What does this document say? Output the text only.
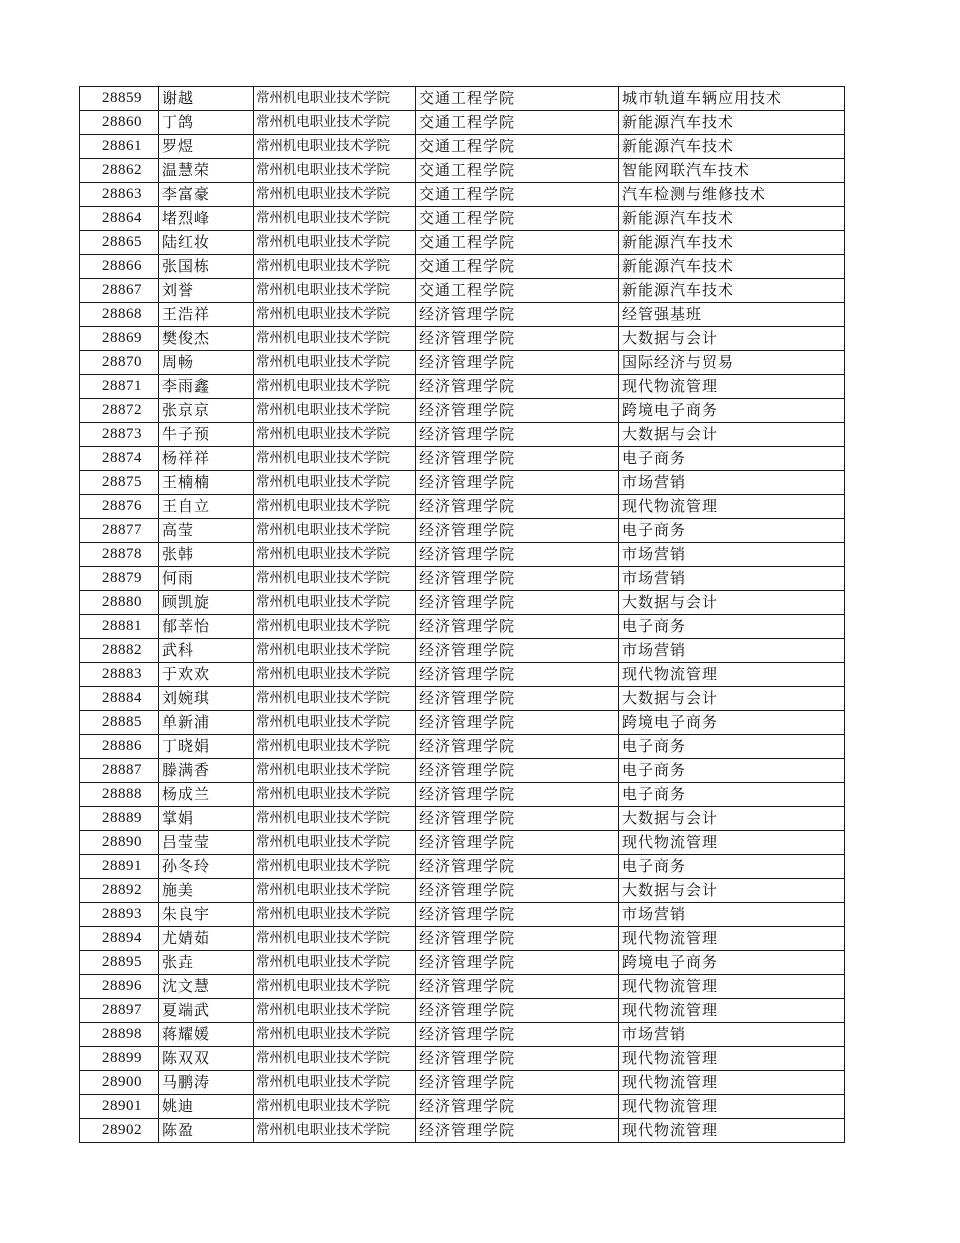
28859	谢越	常州机电职业技术学院	交通工程学院	城市轨道车辆应用技术
28860	丁鸽	常州机电职业技术学院	交通工程学院	新能源汽车技术
28861	罗煜	常州机电职业技术学院	交通工程学院	新能源汽车技术
28862	温慧荣	常州机电职业技术学院	交通工程学院	智能网联汽车技术
28863	李富豪	常州机电职业技术学院	交通工程学院	汽车检测与维修技术
28864	堵烈峰	常州机电职业技术学院	交通工程学院	新能源汽车技术
28865	陆红妆	常州机电职业技术学院	交通工程学院	新能源汽车技术
28866	张国栋	常州机电职业技术学院	交通工程学院	新能源汽车技术
28867	刘誉	常州机电职业技术学院	交通工程学院	新能源汽车技术
28868	王浩祥	常州机电职业技术学院	经济管理学院	经管强基班
28869	樊俊杰	常州机电职业技术学院	经济管理学院	大数据与会计
28870	周畅	常州机电职业技术学院	经济管理学院	国际经济与贸易
28871	李雨鑫	常州机电职业技术学院	经济管理学院	现代物流管理
28872	张京京	常州机电职业技术学院	经济管理学院	跨境电子商务
28873	牛子预	常州机电职业技术学院	经济管理学院	大数据与会计
28874	杨祥祥	常州机电职业技术学院	经济管理学院	电子商务
28875	王楠楠	常州机电职业技术学院	经济管理学院	市场营销
28876	王自立	常州机电职业技术学院	经济管理学院	现代物流管理
28877	高莹	常州机电职业技术学院	经济管理学院	电子商务
28878	张韩	常州机电职业技术学院	经济管理学院	市场营销
28879	何雨	常州机电职业技术学院	经济管理学院	市场营销
28880	顾凯旋	常州机电职业技术学院	经济管理学院	大数据与会计
28881	郁莘怡	常州机电职业技术学院	经济管理学院	电子商务
28882	武科	常州机电职业技术学院	经济管理学院	市场营销
28883	于欢欢	常州机电职业技术学院	经济管理学院	现代物流管理
28884	刘婉琪	常州机电职业技术学院	经济管理学院	大数据与会计
28885	单新浦	常州机电职业技术学院	经济管理学院	跨境电子商务
28886	丁晓娟	常州机电职业技术学院	经济管理学院	电子商务
28887	滕满香	常州机电职业技术学院	经济管理学院	电子商务
28888	杨成兰	常州机电职业技术学院	经济管理学院	电子商务
28889	掌娟	常州机电职业技术学院	经济管理学院	大数据与会计
28890	吕莹莹	常州机电职业技术学院	经济管理学院	现代物流管理
28891	孙冬玲	常州机电职业技术学院	经济管理学院	电子商务
28892	施美	常州机电职业技术学院	经济管理学院	大数据与会计
28893	朱良宇	常州机电职业技术学院	经济管理学院	市场营销
28894	尤婧茹	常州机电职业技术学院	经济管理学院	现代物流管理
28895	张垚	常州机电职业技术学院	经济管理学院	跨境电子商务
28896	沈文慧	常州机电职业技术学院	经济管理学院	现代物流管理
28897	夏端武	常州机电职业技术学院	经济管理学院	现代物流管理
28898	蒋耀媛	常州机电职业技术学院	经济管理学院	市场营销
28899	陈双双	常州机电职业技术学院	经济管理学院	现代物流管理
28900	马鹏涛	常州机电职业技术学院	经济管理学院	现代物流管理
28901	姚迪	常州机电职业技术学院	经济管理学院	现代物流管理
28902	陈盈	常州机电职业技术学院	经济管理学院	现代物流管理
